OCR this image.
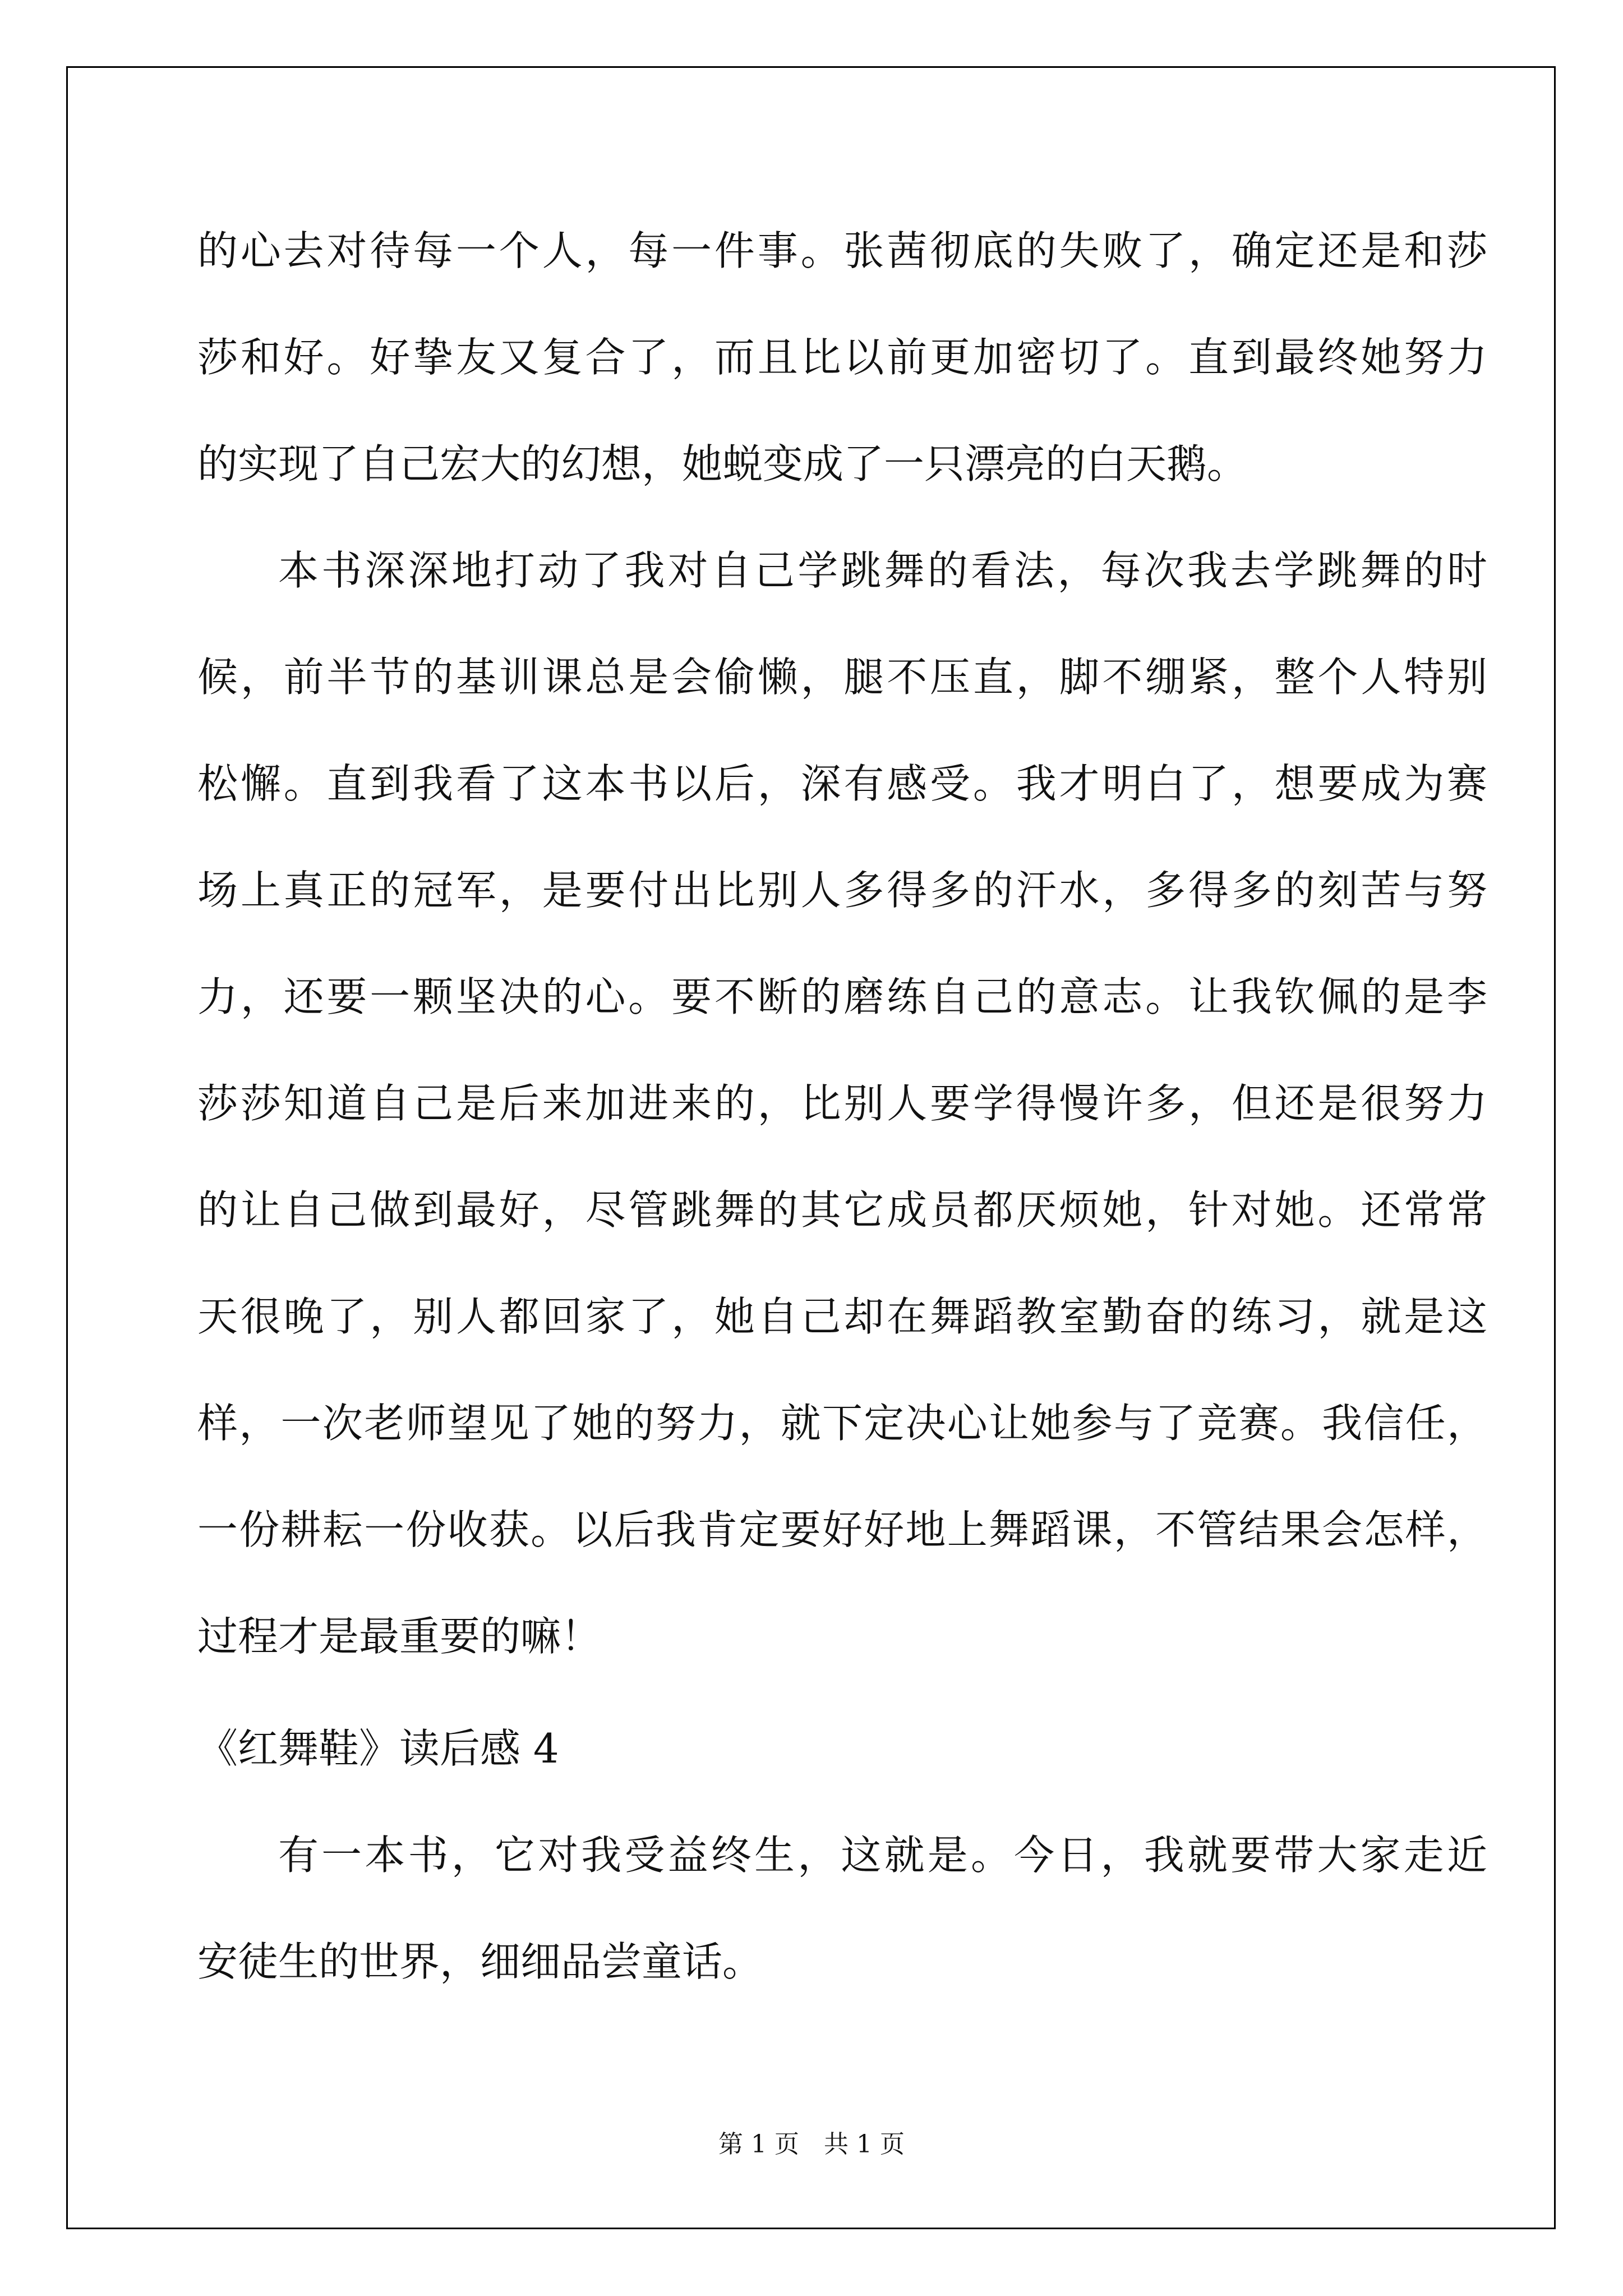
的心去对待每一个人，每一件事。张茜彻底的失败了，确定还是和莎
莎和好。好挚友又复合了，而且比以前更加密切了。直到最终她努力
的实现了自己宏大的幻想，她蜕变成了一只漂亮的白天鹅。
本书深深地打动了我对自己学跳舞的看法，每次我去学跳舞的时
候，前半节的基训课总是会偷懒，腿不压直，脚不绷紧，整个人特别
松懈。直到我看了这本书以后，深有感受。我才明白了，想要成为赛
场上真正的冠军，是要付出比别人多得多的汗水，多得多的刻苦与努
力，还要一颗坚决的心。要不断的磨练自己的意志。让我钦佩的是李
莎莎知道自己是后来加进来的，比别人要学得慢许多，但还是很努力
的让自己做到最好，尽管跳舞的其它成员都厌烦她，针对她。还常常
天很晚了，别人都回家了，她自己却在舞蹈教室勤奋的练习，就是这
样，一次老师望见了她的努力，就下定决心让她参与了竞赛。我信任，
一份耕耘一份收获。以后我肯定要好好地上舞蹈课，不管结果会怎样，
过程才是最重要的嘛！
《红舞鞋》读后感 4
有一本书，它对我受益终生，这就是。今日，我就要带大家走近
安徒生的世界，细细品尝童话。
第 1 页　共 1 页
